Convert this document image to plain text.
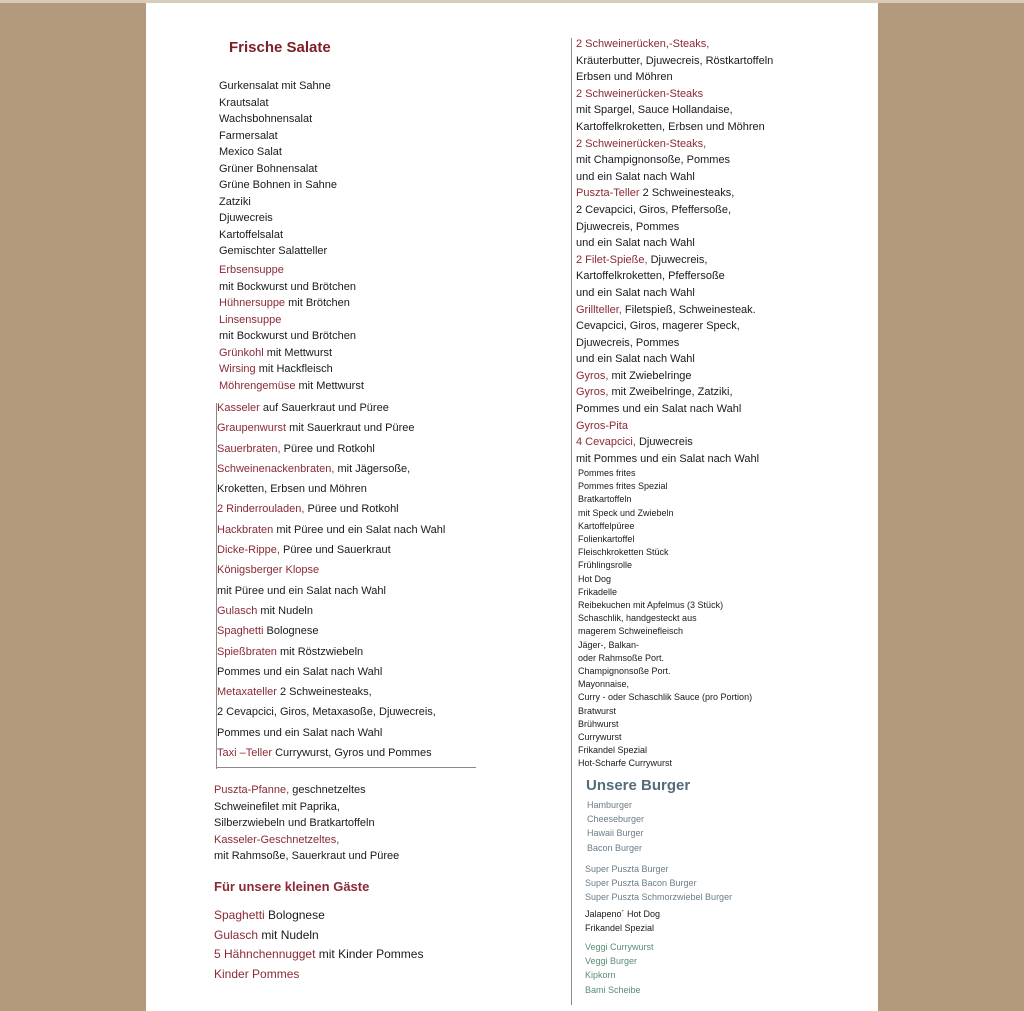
Frische Salate
Gurkensalat mit Sahne
Krautsalat
Wachsbohnensalat
Farmersalat
Mexico Salat
Grüner Bohnensalat
Grüne Bohnen in Sahne
Zatziki
Djuwecreis
Kartoffelsalat
Gemischter Salatteller
Erbsensuppe
mit Bockwurst und Brötchen
Hühnersuppe mit Brötchen
Linsensuppe
mit Bockwurst und Brötchen
Grünkohl mit Mettwurst
Wirsing mit Hackfleisch
Möhrengemüse mit Mettwurst
Kasseler auf Sauerkraut und Püree
Graupenwurst mit Sauerkraut und Püree
Sauerbraten, Püree und Rotkohl
Schweinenackenbraten, mit Jägersoße,
Kroketten, Erbsen und Möhren
2 Rinderrouladen, Püree und Rotkohl
Hackbraten mit Püree und ein Salat nach Wahl
Dicke-Rippe, Püree und Sauerkraut
Königsberger Klopse
mit Püree und ein Salat nach Wahl
Gulasch mit Nudeln
Spaghetti Bolognese
Spießbraten mit Röstzwiebeln
Pommes und ein Salat nach Wahl
Metaxateller 2 Schweinesteaks,
2 Cevapcici, Giros, Metaxasoße, Djuwecreis,
Pommes und ein Salat nach Wahl
Taxi –Teller Currywurst, Gyros und Pommes
Puszta-Pfanne, geschnetzeltes
Schweinefilet mit Paprika,
Silberzwiebeln und Bratkartoffeln
Kasseler-Geschnetzeltes,
mit Rahmsoße, Sauerkraut und Püree
Für unsere kleinen Gäste
Spaghetti Bolognese
Gulasch mit Nudeln
5 Hähnchennugget mit Kinder Pommes
Kinder Pommes
2 Schweinerücken,-Steaks,
Kräuterbutter, Djuwecreis, Röstkartoffeln
Erbsen und Möhren
2 Schweinerücken-Steaks
mit Spargel, Sauce Hollandaise,
Kartoffelkroketten, Erbsen und Möhren
2 Schweinerücken-Steaks,
mit Champignonsoße, Pommes
und ein Salat nach Wahl
Puszta-Teller 2 Schweinesteaks,
2 Cevapcici, Giros, Pfeffersoße,
Djuwecreis, Pommes
und ein Salat nach Wahl
2 Filet-Spieße, Djuwecreis,
Kartoffelkroketten, Pfeffersoße
und ein Salat nach Wahl
Grillteller, Filetspieß, Schweinesteak.
Cevapcici, Giros, magerer Speck,
Djuwecreis, Pommes
und ein Salat nach Wahl
Gyros, mit Zwiebelringe
Gyros, mit Zweibelringe, Zatziki,
Pommes und ein Salat nach Wahl
Gyros-Pita
4 Cevapcici, Djuwecreis
mit Pommes und ein Salat nach Wahl
Pommes frites
Pommes frites Spezial
Bratkartoffeln
mit Speck und Zwiebeln
Kartoffelpüree
Folienkartoffel
Fleischkroketten Stück
Frühlingsrolle
Hot Dog
Frikadelle
Reibekuchen mit Apfelmus (3 Stück)
Schaschlik, handgesteckt aus
magerem Schweinefleisch
Jäger-, Balkan-
oder Rahmsoße Port.
Champignonsoße Port.
Mayonnaise,
Curry - oder Schaschlik Sauce (pro Portion)
Bratwurst
Brühwurst
Currywurst
Frikandel Spezial
Hot-Scharfe Currywurst
Unsere Burger
Hamburger
Cheeseburger
Hawaii Burger
Bacon Burger
Super Puszta Burger
Super Puszta Bacon Burger
Super Puszta Schmorzwiebel Burger
Jalapeno´ Hot Dog
Frikandel Spezial
Veggi Currywurst
Veggi Burger
Kipkorn
Bami Scheibe
